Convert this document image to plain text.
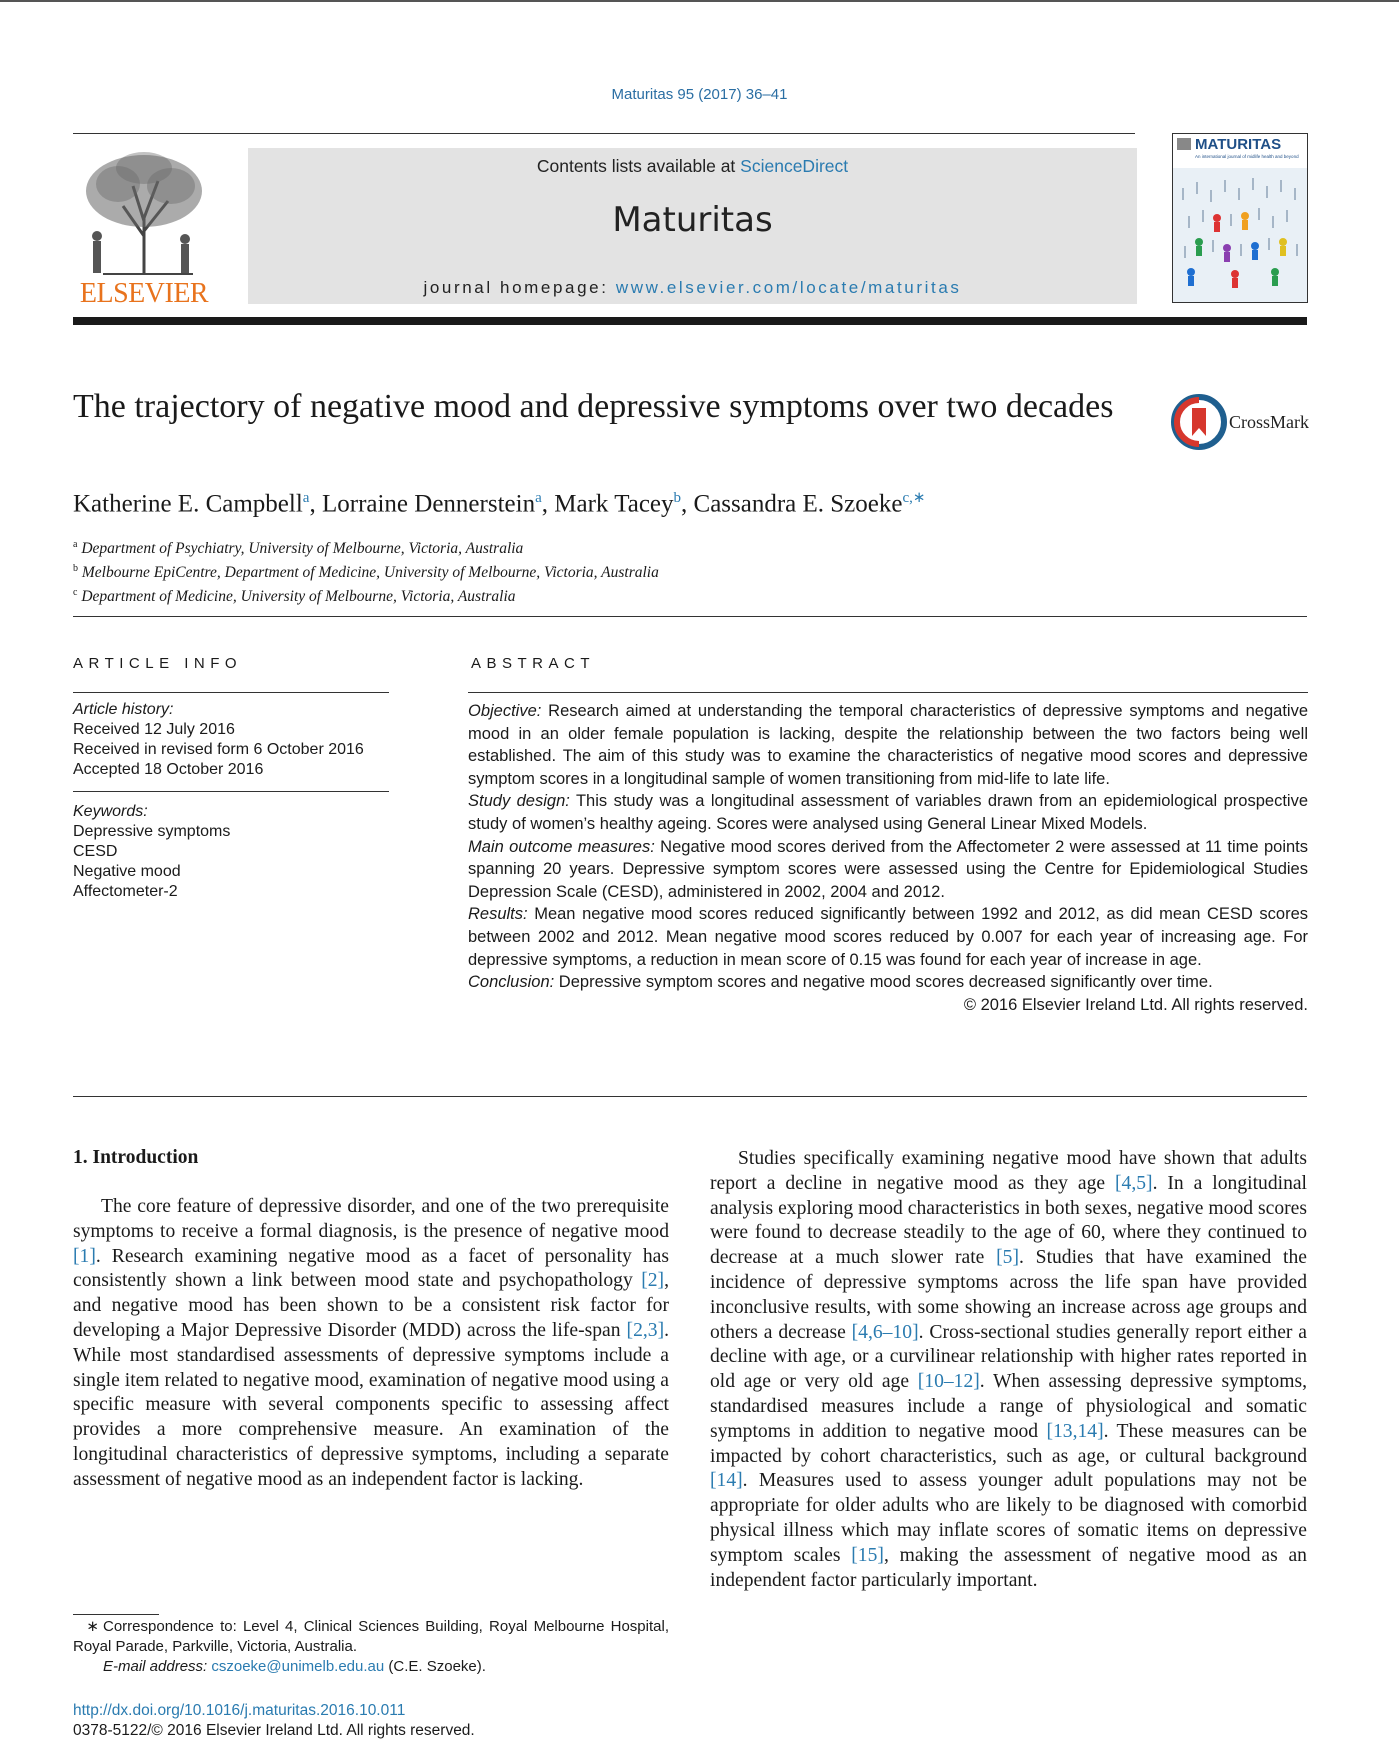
Maturitas 95 (2017) 36–41
ELSEVIER
Contents lists available at ScienceDirect
Maturitas
journal homepage: www.elsevier.com/locate/maturitas
MATURITAS
An international journal of midlife health and beyond
The trajectory of negative mood and depressive symptoms over two decades	CrossMark
Katherine E. Campbell$^a$, Lorraine Dennerstein$^a$, Mark Tacey$^b$, Cassandra E. Szoeke$^{c,∗}$
$^a$ Department of Psychiatry, University of Melbourne, Victoria, Australia
$^b$ Melbourne EpiCentre, Department of Medicine, University of Melbourne, Victoria, Australia
$^c$ Department of Medicine, University of Melbourne, Victoria, Australia
ARTICLE INFO
Article history:
Received 12 July 2016
Received in revised form 6 October 2016
Accepted 18 October 2016
Keywords:
Depressive symptoms
CESD
Negative mood
Affectometer-2
ABSTRACT

Objective: Research aimed at understanding the temporal characteristics of depressive symptoms and negative mood in an older female population is lacking, despite the relationship between the two factors being well established. The aim of this study was to examine the characteristics of negative mood scores and depressive symptom scores in a longitudinal sample of women transitioning from mid-life to late life.

Study design: This study was a longitudinal assessment of variables drawn from an epidemiological prospective study of women’s healthy ageing. Scores were analysed using General Linear Mixed Models.

Main outcome measures: Negative mood scores derived from the Affectometer 2 were assessed at 11 time points spanning 20 years. Depressive symptom scores were assessed using the Centre for Epidemiological Studies Depression Scale (CESD), administered in 2002, 2004 and 2012.

Results: Mean negative mood scores reduced significantly between 1992 and 2012, as did mean CESD scores between 2002 and 2012. Mean negative mood scores reduced by 0.007 for each year of increasing age. For depressive symptoms, a reduction in mean score of 0.15 was found for each year of increase in age.

Conclusion: Depressive symptom scores and negative mood scores decreased significantly over time.

© 2016 Elsevier Ireland Ltd. All rights reserved.

1. Introduction

The core feature of depressive disorder, and one of the two prerequisite symptoms to receive a formal diagnosis, is the presence of negative mood [1]. Research examining negative mood as a facet of personality has consistently shown a link between mood state and psychopathology [2], and negative mood has been shown to be a consistent risk factor for developing a Major Depressive Disorder (MDD) across the life-span [2,3]. While most standardised assessments of depressive symptoms include a single item related to negative mood, examination of negative mood using a specific measure with several components specific to assessing affect provides a more comprehensive measure. An examination of the longitudinal characteristics of depressive symptoms, including a separate assessment of negative mood as an independent factor is lacking.

Studies specifically examining negative mood have shown that adults report a decline in negative mood as they age [4,5]. In a longitudinal analysis exploring mood characteristics in both sexes, negative mood scores were found to decrease steadily to the age of 60, where they continued to decrease at a much slower rate [5]. Studies that have examined the incidence of depressive symptoms across the life span have provided inconclusive results, with some showing an increase across age groups and others a decrease [4,6–10]. Cross-sectional studies generally report either a decline with age, or a curvilinear relationship with higher rates reported in old age or very old age [10–12]. When assessing depressive symptoms, standardised measures include a range of physiological and somatic symptoms in addition to negative mood [13,14]. These measures can be impacted by cohort characteristics, such as age, or cultural background [14]. Measures used to assess younger adult populations may not be appropriate for older adults who are likely to be diagnosed with comorbid physical illness which may inflate scores of somatic items on depressive symptom scales [15], making the assessment of negative mood as an independent factor particularly important.

∗ Correspondence to: Level 4, Clinical Sciences Building, Royal Melbourne Hospital, Royal Parade, Parkville, Victoria, Australia.
E-mail address: cszoeke@unimelb.edu.au (C.E. Szoeke).
http://dx.doi.org/10.1016/j.maturitas.2016.10.011
0378-5122/© 2016 Elsevier Ireland Ltd. All rights reserved.
